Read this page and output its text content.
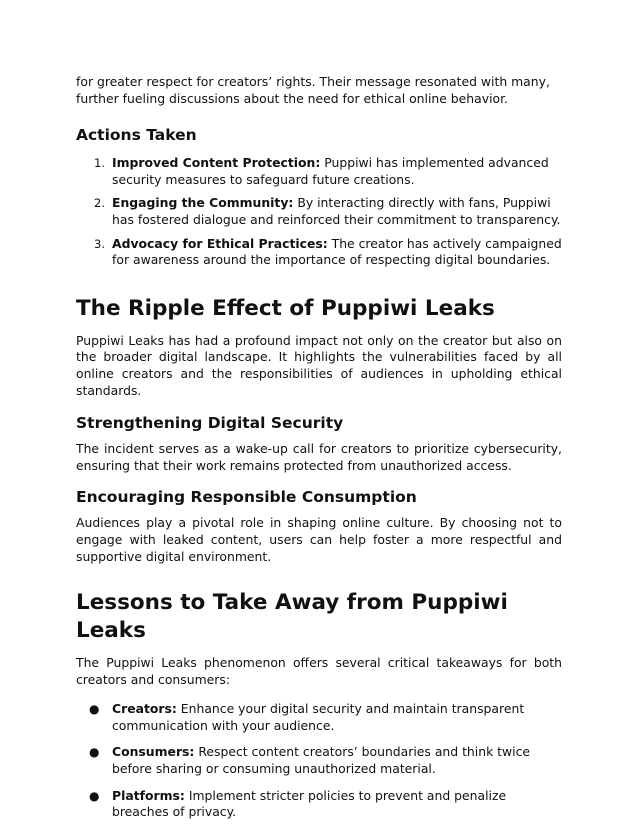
for greater respect for creators’ rights. Their message resonated with many, further fueling discussions about the need for ethical online behavior.

Actions Taken
1. Improved Content Protection: Puppiwi has implemented advanced security measures to safeguard future creations.
2. Engaging the Community: By interacting directly with fans, Puppiwi has fostered dialogue and reinforced their commitment to transparency.
3. Advocacy for Ethical Practices: The creator has actively campaigned for awareness around the importance of respecting digital boundaries.
The Ripple Effect of Puppiwi Leaks

Puppiwi Leaks has had a profound impact not only on the creator but also on the broader digital landscape. It highlights the vulnerabilities faced by all online creators and the responsibilities of audiences in upholding ethical standards.

Strengthening Digital Security

The incident serves as a wake-up call for creators to prioritize cybersecurity, ensuring that their work remains protected from unauthorized access.

Encouraging Responsible Consumption

Audiences play a pivotal role in shaping online culture. By choosing not to engage with leaked content, users can help foster a more respectful and supportive digital environment.

Lessons to Take Away from Puppiwi Leaks

The Puppiwi Leaks phenomenon offers several critical takeaways for both creators and consumers:

● Creators: Enhance your digital security and maintain transparent communication with your audience.
● Consumers: Respect content creators’ boundaries and think twice before sharing or consuming unauthorized material.
● Platforms: Implement stricter policies to prevent and penalize breaches of privacy.
